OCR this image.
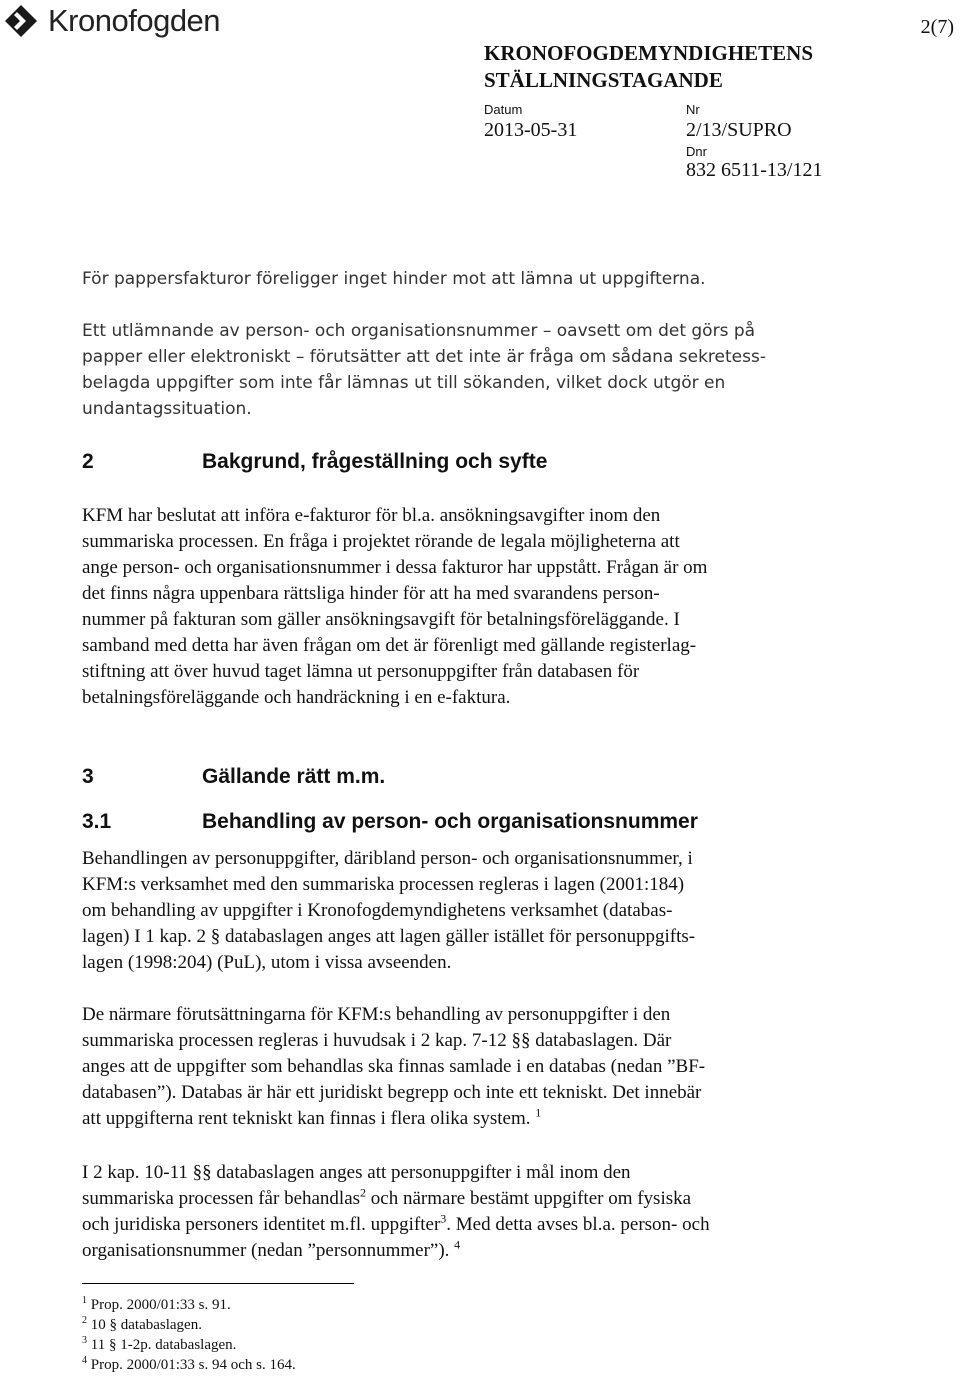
Kronofogden	2(7)
KRONOFOGDEMYNDIGHETENS
STÄLLNINGSTAGANDE
Datum
2013-05-31
Nr
2/13/SUPRO
Dnr
832 6511-13/121
För pappersfakturor föreligger inget hinder mot att lämna ut uppgifterna.
Ett utlämnande av person- och organisationsnummer – oavsett om det görs på
papper eller elektroniskt – förutsätter att det inte är fråga om sådana sekretess-
belagda uppgifter som inte får lämnas ut till sökanden, vilket dock utgör en
undantagssituation.
2	Bakgrund, frågeställning och syfte
KFM har beslutat att införa e-fakturor för bl.a. ansökningsavgifter inom den
summariska processen. En fråga i projektet rörande de legala möjligheterna att
ange person- och organisationsnummer i dessa fakturor har uppstått. Frågan är om
det finns några uppenbara rättsliga hinder för att ha med svarandens person-
nummer på fakturan som gäller ansökningsavgift för betalningsföreläggande. I
samband med detta har även frågan om det är förenligt med gällande registerlag-
stiftning att över huvud taget lämna ut personuppgifter från databasen för
betalningsföreläggande och handräckning i en e-faktura.
3	Gällande rätt m.m.
3.1	Behandling av person- och organisationsnummer
Behandlingen av personuppgifter, däribland person- och organisationsnummer, i
KFM:s verksamhet med den summariska processen regleras i lagen (2001:184)
om behandling av uppgifter i Kronofogdemyndighetens verksamhet (databas-
lagen) I 1 kap. 2 § databaslagen anges att lagen gäller istället för personuppgifts-
lagen (1998:204) (PuL), utom i vissa avseenden.
De närmare förutsättningarna för KFM:s behandling av personuppgifter i den
summariska processen regleras i huvudsak i 2 kap. 7-12 §§ databaslagen. Där
anges att de uppgifter som behandlas ska finnas samlade i en databas (nedan ”BF-
databasen”). Databas är här ett juridiskt begrepp och inte ett tekniskt. Det innebär
att uppgifterna rent tekniskt kan finnas i flera olika system. $^1$
I 2 kap. 10-11 §§ databaslagen anges att personuppgifter i mål inom den
summariska processen får behandlas$^2$ och närmare bestämt uppgifter om fysiska
och juridiska personers identitet m.fl. uppgifter$^3$. Med detta avses bl.a. person- och
organisationsnummer (nedan ”personnummer”). $^4$
$^1$ Prop. 2000/01:33 s. 91.
$^2$ 10 § databaslagen.
$^3$ 11 § 1-2p. databaslagen.
$^4$ Prop. 2000/01:33 s. 94 och s. 164.
